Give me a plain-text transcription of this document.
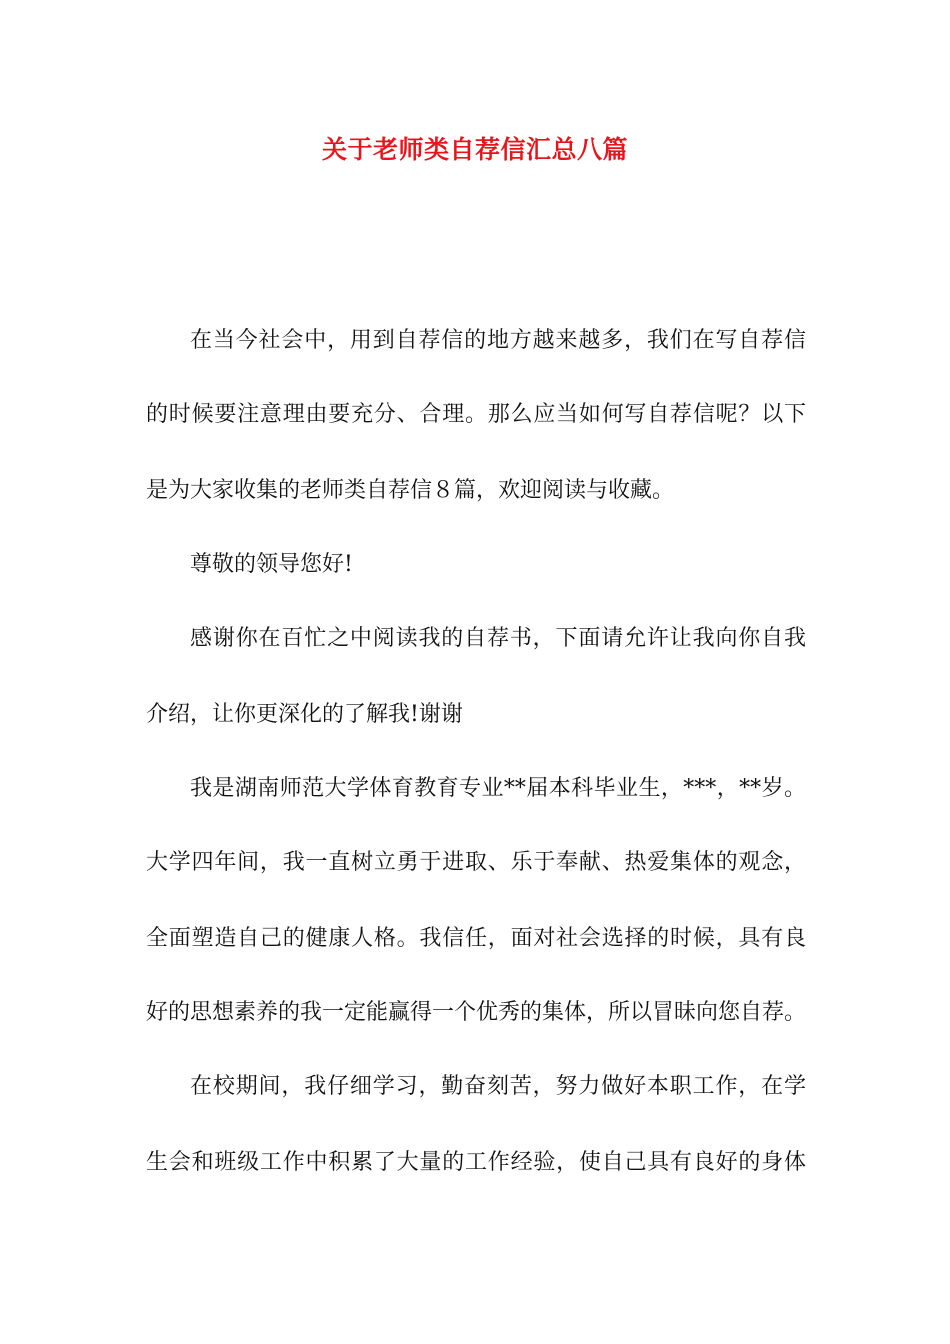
关于老师类自荐信汇总八篇

在当今社会中，用到自荐信的地方越来越多，我们在写自荐信

的时候要注意理由要充分、合理。那么应当如何写自荐信呢？以下

是为大家收集的老师类自荐信８篇，欢迎阅读与收藏。

尊敬的领导您好!

感谢你在百忙之中阅读我的自荐书，下面请允许让我向你自我

介绍，让你更深化的了解我!谢谢

我是湖南师范大学体育教育专业**届本科毕业生，***，**岁。

大学四年间，我一直树立勇于进取、乐于奉献、热爱集体的观念，

全面塑造自己的健康人格。我信任，面对社会选择的时候，具有良

好的思想素养的我一定能赢得一个优秀的集体，所以冒昧向您自荐。

在校期间，我仔细学习，勤奋刻苦，努力做好本职工作，在学

生会和班级工作中积累了大量的工作经验，使自己具有良好的身体
